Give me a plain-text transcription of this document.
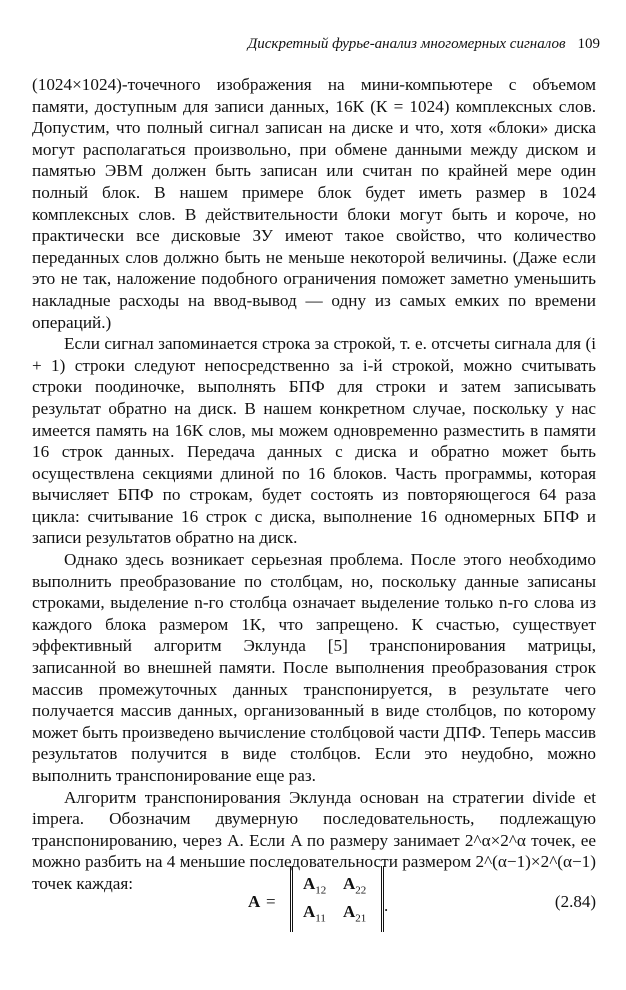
Дискретный фурье-анализ многомерных сигналов 109

(1024×1024)-точечного изображения на мини-компьютере с объемом памяти, доступным для записи данных, 16К (К = 1024) комплексных слов. Допустим, что полный сигнал записан на диске и что, хотя «блоки» диска могут располагаться произвольно, при обмене данными между диском и памятью ЭВМ должен быть записан или считан по крайней мере один полный блок. В нашем примере блок будет иметь размер в 1024 комплексных слов. В действительности блоки могут быть и короче, но практически все дисковые ЗУ имеют такое свойство, что количество переданных слов должно быть не меньше некоторой величины. (Даже если это не так, наложение подобного ограничения поможет заметно уменьшить накладные расходы на ввод-вывод — одну из самых емких по времени операций.)

Если сигнал запоминается строка за строкой, т. е. отсчеты сигнала для (i + 1) строки следуют непосредственно за i-й строкой, можно считывать строки поодиночке, выполнять БПФ для строки и затем записывать результат обратно на диск. В нашем конкретном случае, поскольку у нас имеется память на 16К слов, мы можем одновременно разместить в памяти 16 строк данных. Передача данных с диска и обратно может быть осуществлена секциями длиной по 16 блоков. Часть программы, которая вычисляет БПФ по строкам, будет состоять из повторяющегося 64 раза цикла: считывание 16 строк с диска, выполнение 16 одномерных БПФ и записи результатов обратно на диск.

Однако здесь возникает серьезная проблема. После этого необходимо выполнить преобразование по столбцам, но, поскольку данные записаны строками, выделение n-го столбца означает выделение только n-го слова из каждого блока размером 1К, что запрещено. К счастью, существует эффективный алгоритм Эклунда [5] транспонирования матрицы, записанной во внешней памяти. После выполнения преобразования строк массив промежуточных данных транспонируется, в результате чего получается массив данных, организованный в виде столбцов, по которому может быть произведено вычисление столбцовой части ДПФ. Теперь массив результатов получится в виде столбцов. Если это неудобно, можно выполнить транспонирование еще раз.

Алгоритм транспонирования Эклунда основан на стратегии divide et impera. Обозначим двумерную последовательность, подлежащую транспонированию, через A. Если A по размеру занимает 2^α×2^α точек, ее можно разбить на 4 меньшие последовательности размером 2^(α−1)×2^(α−1) точек каждая:

A =
$A_{12}$ $A_{22}$
$A_{11}$ $A_{21}$
.	(2.84)
